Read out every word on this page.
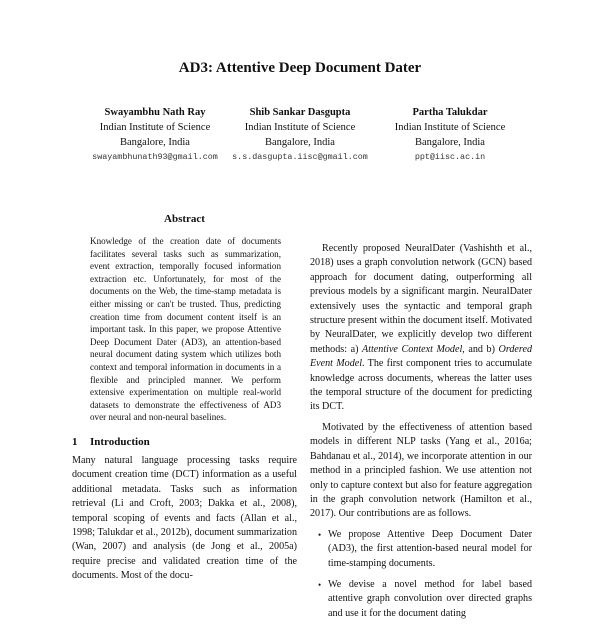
AD3: Attentive Deep Document Dater
Swayambhu Nath Ray
Indian Institute of Science
Bangalore, India
swayambhunath93@gmail.com
Shib Sankar Dasgupta
Indian Institute of Science
Bangalore, India
s.s.dasgupta.iisc@gmail.com
Partha Talukdar
Indian Institute of Science
Bangalore, India
ppt@iisc.ac.in
Abstract
Knowledge of the creation date of documents facilitates several tasks such as summarization, event extraction, temporally focused information extraction etc. Unfortunately, for most of the documents on the Web, the time-stamp metadata is either missing or can't be trusted. Thus, predicting creation time from document content itself is an important task. In this paper, we propose Attentive Deep Document Dater (AD3), an attention-based neural document dating system which utilizes both context and temporal information in documents in a flexible and principled manner. We perform extensive experimentation on multiple real-world datasets to demonstrate the effectiveness of AD3 over neural and non-neural baselines.
1 Introduction

Many natural language processing tasks require document creation time (DCT) information as a useful additional metadata. Tasks such as information retrieval (Li and Croft, 2003; Dakka et al., 2008), temporal scoping of events and facts (Allan et al., 1998; Talukdar et al., 2012b), document summarization (Wan, 2007) and analysis (de Jong et al., 2005a) require precise and validated creation time of the documents. Most of the docu-

Recently proposed NeuralDater (Vashishth et al., 2018) uses a graph convolution network (GCN) based approach for document dating, outperforming all previous models by a significant margin. NeuralDater extensively uses the syntactic and temporal graph structure present within the document itself. Motivated by NeuralDater, we explicitly develop two different methods: a) Attentive Context Model, and b) Ordered Event Model. The first component tries to accumulate knowledge across documents, whereas the latter uses the temporal structure of the document for predicting its DCT.

Motivated by the effectiveness of attention based models in different NLP tasks (Yang et al., 2016a; Bahdanau et al., 2014), we incorporate attention in our method in a principled fashion. We use attention not only to capture context but also for feature aggregation in the graph convolution network (Hamilton et al., 2017). Our contributions are as follows.

• We propose Attentive Deep Document Dater (AD3), the first attention-based neural model for time-stamping documents.
• We devise a novel method for label based attentive graph convolution over directed graphs and use it for the document dating
